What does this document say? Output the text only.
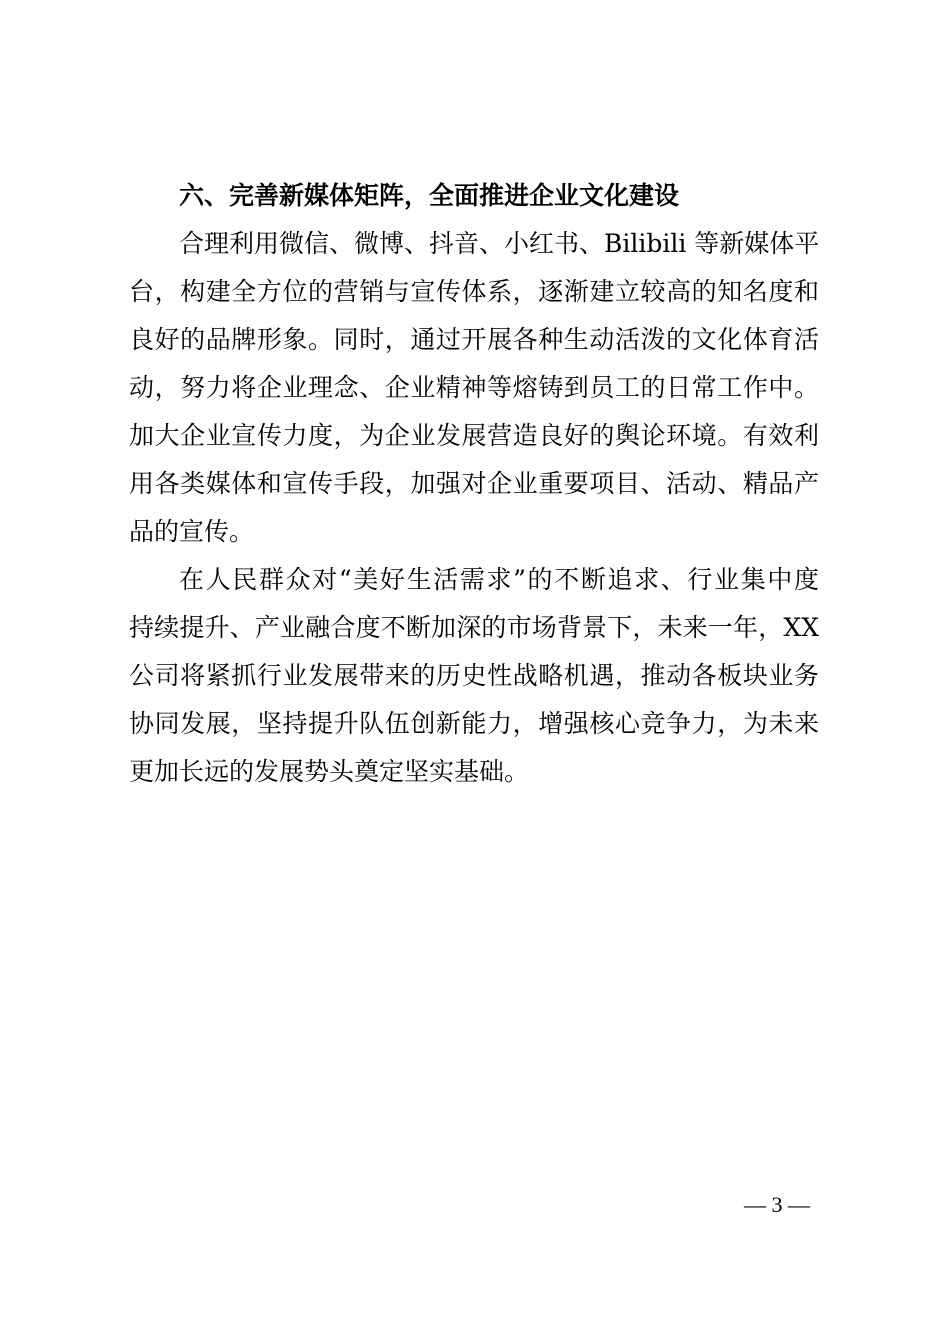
六、完善新媒体矩阵，全面推进企业文化建设

合理利用微信、微博、抖音、小红书、Bilibili 等新媒体平
台，构建全方位的营销与宣传体系，逐渐建立较高的知名度和
良好的品牌形象。同时，通过开展各种生动活泼的文化体育活
动，努力将企业理念、企业精神等熔铸到员工的日常工作中。
加大企业宣传力度，为企业发展营造良好的舆论环境。有效利
用各类媒体和宣传手段，加强对企业重要项目、活动、精品产
品的宣传。
在人民群众对“美好生活需求”的不断追求、行业集中度
持续提升、产业融合度不断加深的市场背景下，未来一年，XX
公司将紧抓行业发展带来的历史性战略机遇，推动各板块业务
协同发展，坚持提升队伍创新能力，增强核心竞争力，为未来
更加长远的发展势头奠定坚实基础。
— 3 —
